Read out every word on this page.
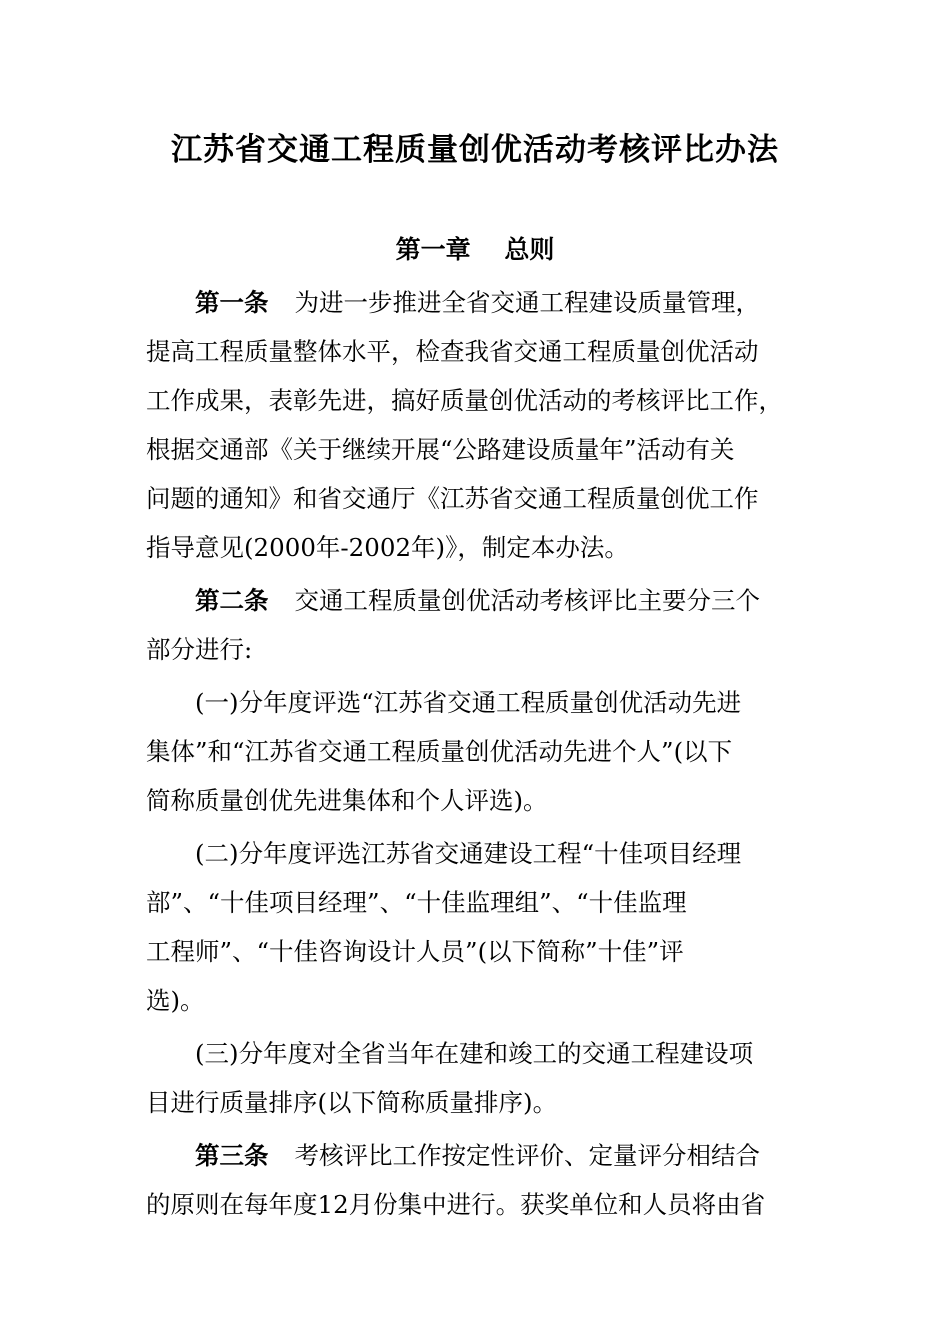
江苏省交通工程质量创优活动考核评比办法
第一章　 总则
第一条 为进一步推进全省交通工程建设质量管理，
提高工程质量整体水平，检查我省交通工程质量创优活动
工作成果，表彰先进，搞好质量创优活动的考核评比工作，
根据交通部《关于继续开展“公路建设质量年”活动有关
问题的通知》和省交通厅《江苏省交通工程质量创优工作
指导意见(2000年-2002年)》，制定本办法。
第二条 交通工程质量创优活动考核评比主要分三个
部分进行:
(一)分年度评选“江苏省交通工程质量创优活动先进
集体”和“江苏省交通工程质量创优活动先进个人”(以下
简称质量创优先进集体和个人评选)。
(二)分年度评选江苏省交通建设工程“十佳项目经理
部”、“十佳项目经理”、“十佳监理组”、“十佳监理
工程师”、“十佳咨询设计人员”(以下简称”十佳”评
选)。
(三)分年度对全省当年在建和竣工的交通工程建设项
目进行质量排序(以下简称质量排序)。
第三条 考核评比工作按定性评价、定量评分相结合
的原则在每年度12月份集中进行。获奖单位和人员将由省
